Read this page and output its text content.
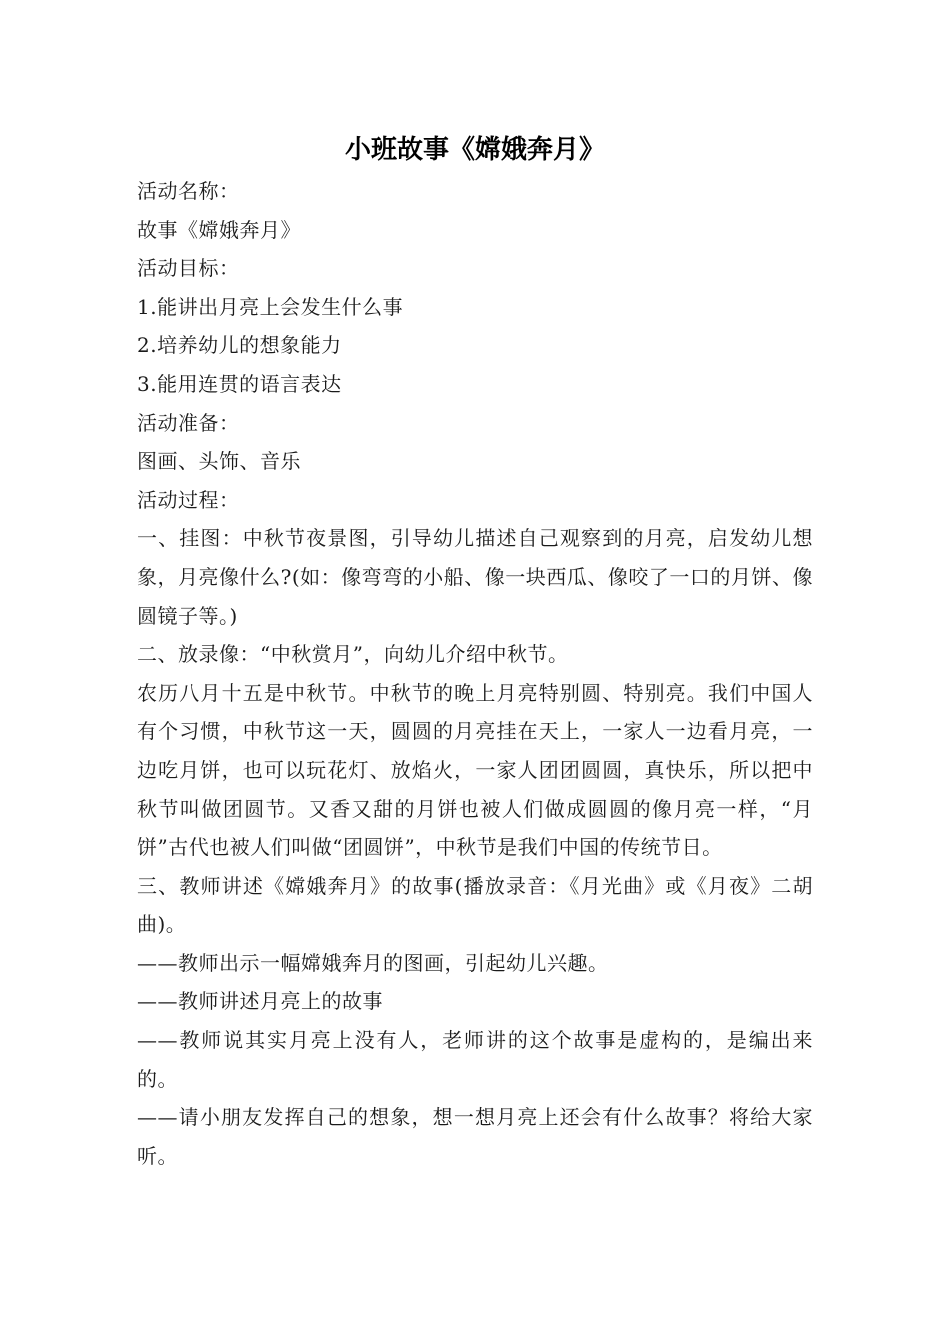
小班故事《嫦娥奔月》

活动名称：

故事《嫦娥奔月》

活动目标：

1.能讲出月亮上会发生什么事

2.培养幼儿的想象能力

3.能用连贯的语言表达

活动准备：

图画、头饰、音乐

活动过程：

一、挂图：中秋节夜景图，引导幼儿描述自己观察到的月亮，启发幼儿想象，月亮像什么?(如：像弯弯的小船、像一块西瓜、像咬了一口的月饼、像圆镜子等。)

二、放录像：“中秋赏月”，向幼儿介绍中秋节。

农历八月十五是中秋节。中秋节的晚上月亮特别圆、特别亮。我们中国人有个习惯，中秋节这一天，圆圆的月亮挂在天上，一家人一边看月亮，一边吃月饼，也可以玩花灯、放焰火，一家人团团圆圆，真快乐，所以把中秋节叫做团圆节。又香又甜的月饼也被人们做成圆圆的像月亮一样，“月饼”古代也被人们叫做“团圆饼”，中秋节是我们中国的传统节日。

三、教师讲述《嫦娥奔月》的故事(播放录音：《月光曲》或《月夜》二胡曲)。

——教师出示一幅嫦娥奔月的图画，引起幼儿兴趣。

——教师讲述月亮上的故事

——教师说其实月亮上没有人，老师讲的这个故事是虚构的，是编出来的。

——请小朋友发挥自己的想象，想一想月亮上还会有什么故事？将给大家听。
